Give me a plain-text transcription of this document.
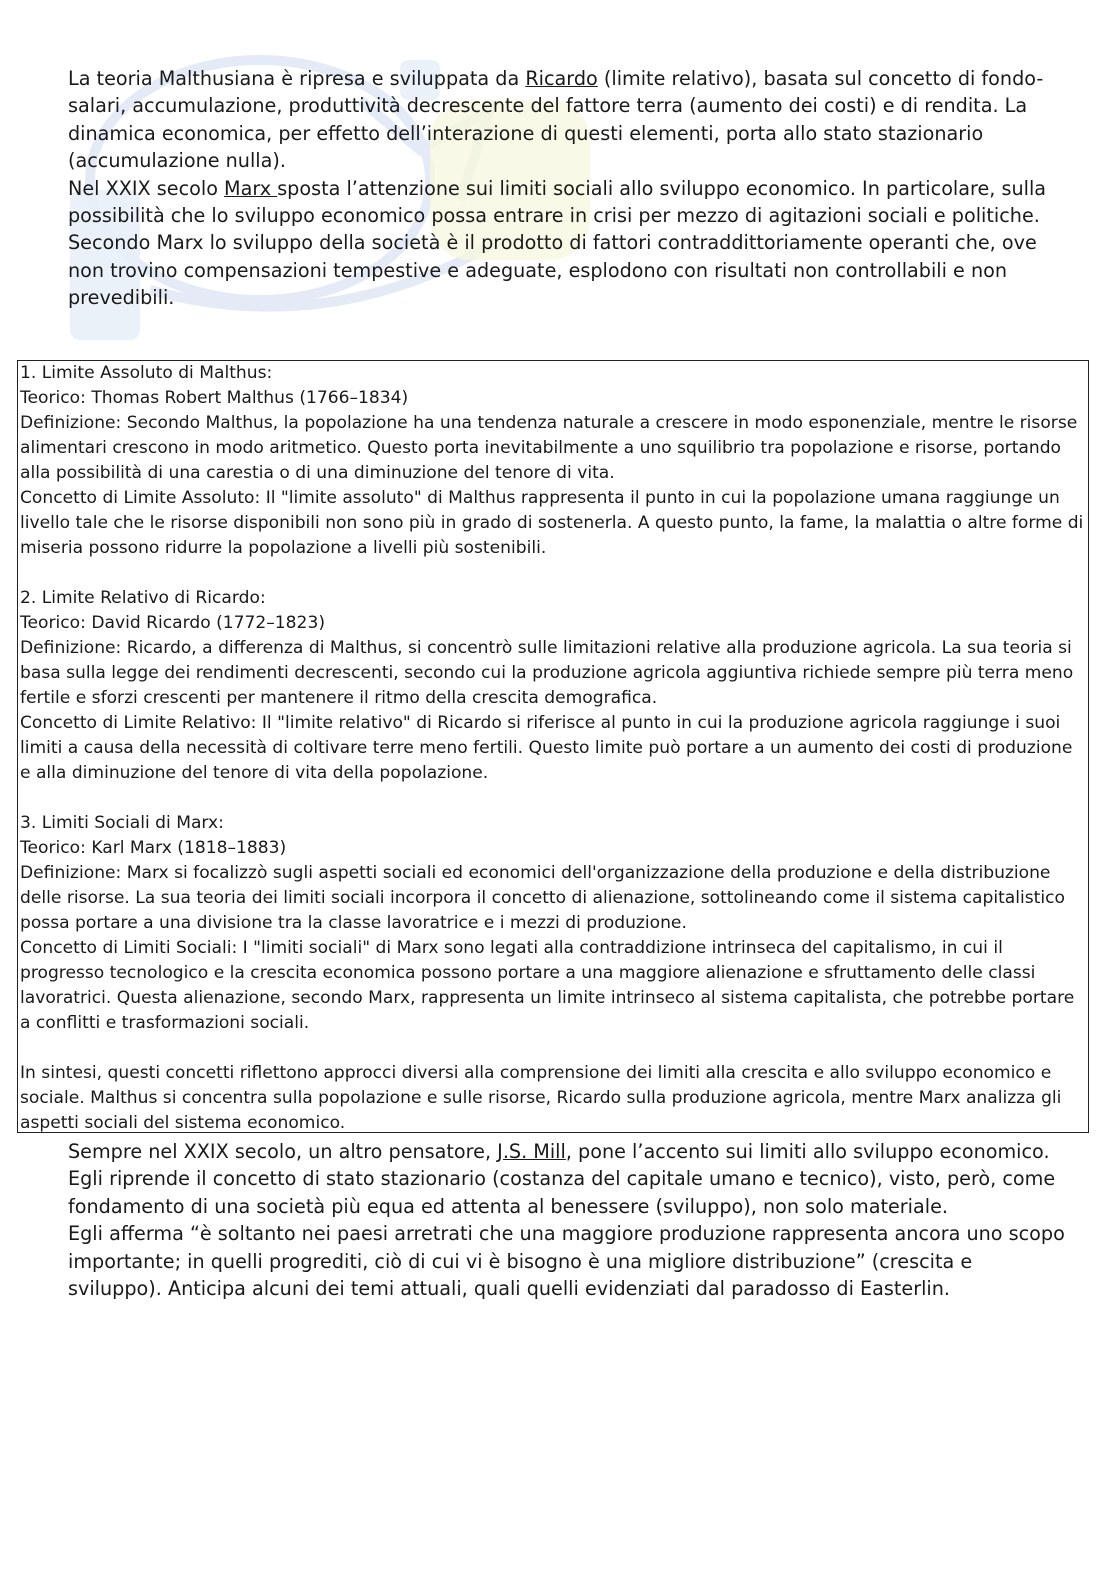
La teoria Malthusiana è ripresa e sviluppata da Ricardo (limite relativo), basata sul concetto di fondo-salari, accumulazione, produttività decrescente del fattore terra (aumento dei costi) e di rendita. La dinamica economica, per effetto dell’interazione di questi elementi, porta allo stato stazionario (accumulazione nulla).

Nel XXIX secolo Marx sposta l’attenzione sui limiti sociali allo sviluppo economico. In particolare, sulla possibilità che lo sviluppo economico possa entrare in crisi per mezzo di agitazioni sociali e politiche.

Secondo Marx lo sviluppo della società è il prodotto di fattori contraddittoriamente operanti che, ove non trovino compensazioni tempestive e adeguate, esplodono con risultati non controllabili e non prevedibili.

1. Limite Assoluto di Malthus:

Teorico: Thomas Robert Malthus (1766–1834)

Definizione: Secondo Malthus, la popolazione ha una tendenza naturale a crescere in modo esponenziale, mentre le risorse alimentari crescono in modo aritmetico. Questo porta inevitabilmente a uno squilibrio tra popolazione e risorse, portando alla possibilità di una carestia o di una diminuzione del tenore di vita.

Concetto di Limite Assoluto: Il "limite assoluto" di Malthus rappresenta il punto in cui la popolazione umana raggiunge un livello tale che le risorse disponibili non sono più in grado di sostenerla. A questo punto, la fame, la malattia o altre forme di miseria possono ridurre la popolazione a livelli più sostenibili.

2. Limite Relativo di Ricardo:

Teorico: David Ricardo (1772–1823)

Definizione: Ricardo, a differenza di Malthus, si concentrò sulle limitazioni relative alla produzione agricola. La sua teoria si basa sulla legge dei rendimenti decrescenti, secondo cui la produzione agricola aggiuntiva richiede sempre più terra meno fertile e sforzi crescenti per mantenere il ritmo della crescita demografica.

Concetto di Limite Relativo: Il "limite relativo" di Ricardo si riferisce al punto in cui la produzione agricola raggiunge i suoi limiti a causa della necessità di coltivare terre meno fertili. Questo limite può portare a un aumento dei costi di produzione e alla diminuzione del tenore di vita della popolazione.

3. Limiti Sociali di Marx:

Teorico: Karl Marx (1818–1883)

Definizione: Marx si focalizzò sugli aspetti sociali ed economici dell'organizzazione della produzione e della distribuzione delle risorse. La sua teoria dei limiti sociali incorpora il concetto di alienazione, sottolineando come il sistema capitalistico possa portare a una divisione tra la classe lavoratrice e i mezzi di produzione.

Concetto di Limiti Sociali: I "limiti sociali" di Marx sono legati alla contraddizione intrinseca del capitalismo, in cui il progresso tecnologico e la crescita economica possono portare a una maggiore alienazione e sfruttamento delle classi lavoratrici. Questa alienazione, secondo Marx, rappresenta un limite intrinseco al sistema capitalista, che potrebbe portare a conflitti e trasformazioni sociali.

In sintesi, questi concetti riflettono approcci diversi alla comprensione dei limiti alla crescita e allo sviluppo economico e sociale. Malthus si concentra sulla popolazione e sulle risorse, Ricardo sulla produzione agricola, mentre Marx analizza gli aspetti sociali del sistema economico.

Sempre nel XXIX secolo, un altro pensatore, J.S. Mill, pone l’accento sui limiti allo sviluppo economico. Egli riprende il concetto di stato stazionario (costanza del capitale umano e tecnico), visto, però, come fondamento di una società più equa ed attenta al benessere (sviluppo), non solo materiale.

Egli afferma “è soltanto nei paesi arretrati che una maggiore produzione rappresenta ancora uno scopo importante; in quelli progrediti, ciò di cui vi è bisogno è una migliore distribuzione” (crescita e sviluppo). Anticipa alcuni dei temi attuali, quali quelli evidenziati dal paradosso di Easterlin.
